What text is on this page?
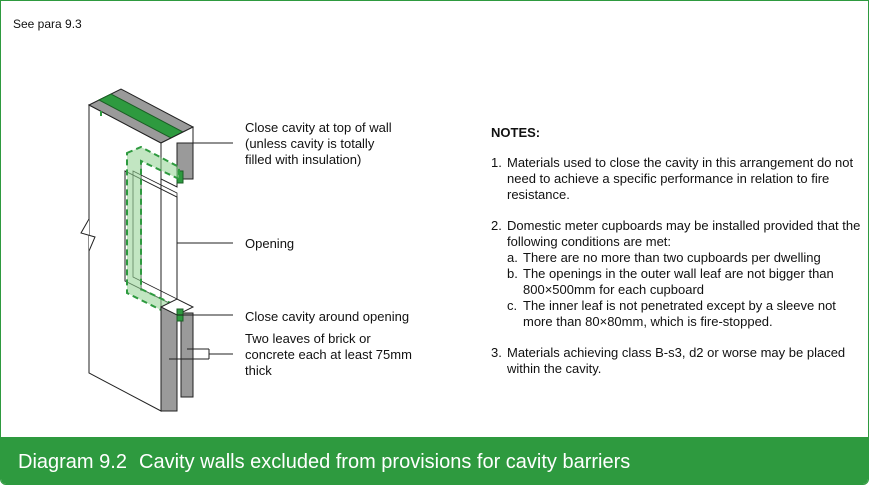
See para 9.3
Close cavity at top of wall
(unless cavity is totally
filled with insulation)
Opening
Close cavity around opening
Two leaves of brick or
concrete each at least 75mm
thick
NOTES:
1. Materials used to close the cavity in this arrangement do not need to achieve a specific performance in relation to fire resistance.
2. Domestic meter cupboards may be installed provided that the following conditions are met:
a. There are no more than two cupboards per dwelling
b. The openings in the outer wall leaf are not bigger than 800×500mm for each cupboard
c. The inner leaf is not penetrated except by a sleeve not more than 80×80mm, which is fire-stopped.
3. Materials achieving class B-s3, d2 or worse may be placed within the cavity.
Diagram 9.2 Cavity walls excluded from provisions for cavity barriers
